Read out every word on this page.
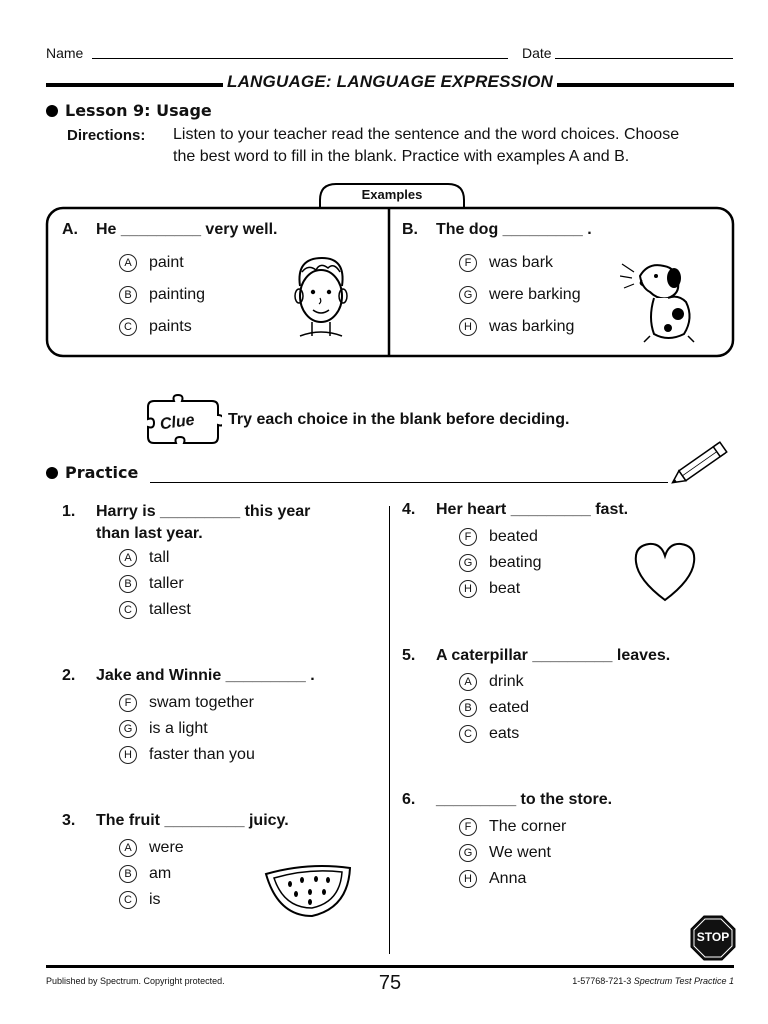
Name	Date
LANGUAGE: LANGUAGE EXPRESSION
Lesson 9: Usage
Directions: Listen to your teacher read the sentence and the word choices. Choose
the best word to fill in the blank. Practice with examples A and B.
Examples
A. He _________ very well.
A	paint
B	painting
C	paints
B. The dog _________ .
F	was bark
G were barking
H	was barking
Clue Try each choice in the blank before deciding.
Practice
1. Harry is _________ this year
than last year.
A	tall
B	taller
C	tallest
2. Jake and Winnie _________ .
F	swam together
G is a light
H	faster than you
3. The fruit _________ juicy.
A	were
B	am
C	is
4. Her heart _________ fast.
F	beated
G beating
H	beat
5. A caterpillar _________ leaves.
A	drink
B	eated
C	eats
6. _________ to the store.
F	The corner
G We went
H	Anna
STOP
Published by Spectrum. Copyright protected.	75	1-57768-721-3 Spectrum Test Practice 1
